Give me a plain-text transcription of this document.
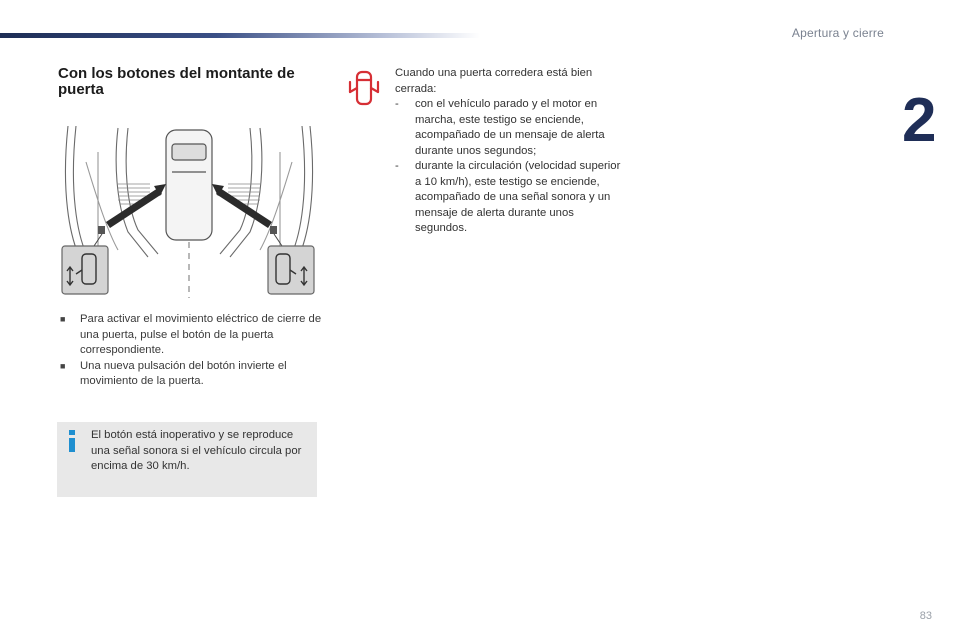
Apertura y cierre
2
Con los botones del montante de puerta
■ Para activar el movimiento eléctrico de cierre de una puerta, pulse el botón de la puerta correspondiente.
■ Una nueva pulsación del botón invierte el movimiento de la puerta.
El botón está inoperativo y se reproduce una señal sonora si el vehículo circula por encima de 30 km/h.

Cuando una puerta corredera está bien cerrada:

- con el vehículo parado y el motor en marcha, este testigo se enciende, acompañado de un mensaje de alerta durante unos segundos;
- durante la circulación (velocidad superior a 10 km/h), este testigo se enciende, acompañado de una señal sonora y un mensaje de alerta durante unos segundos.
83
